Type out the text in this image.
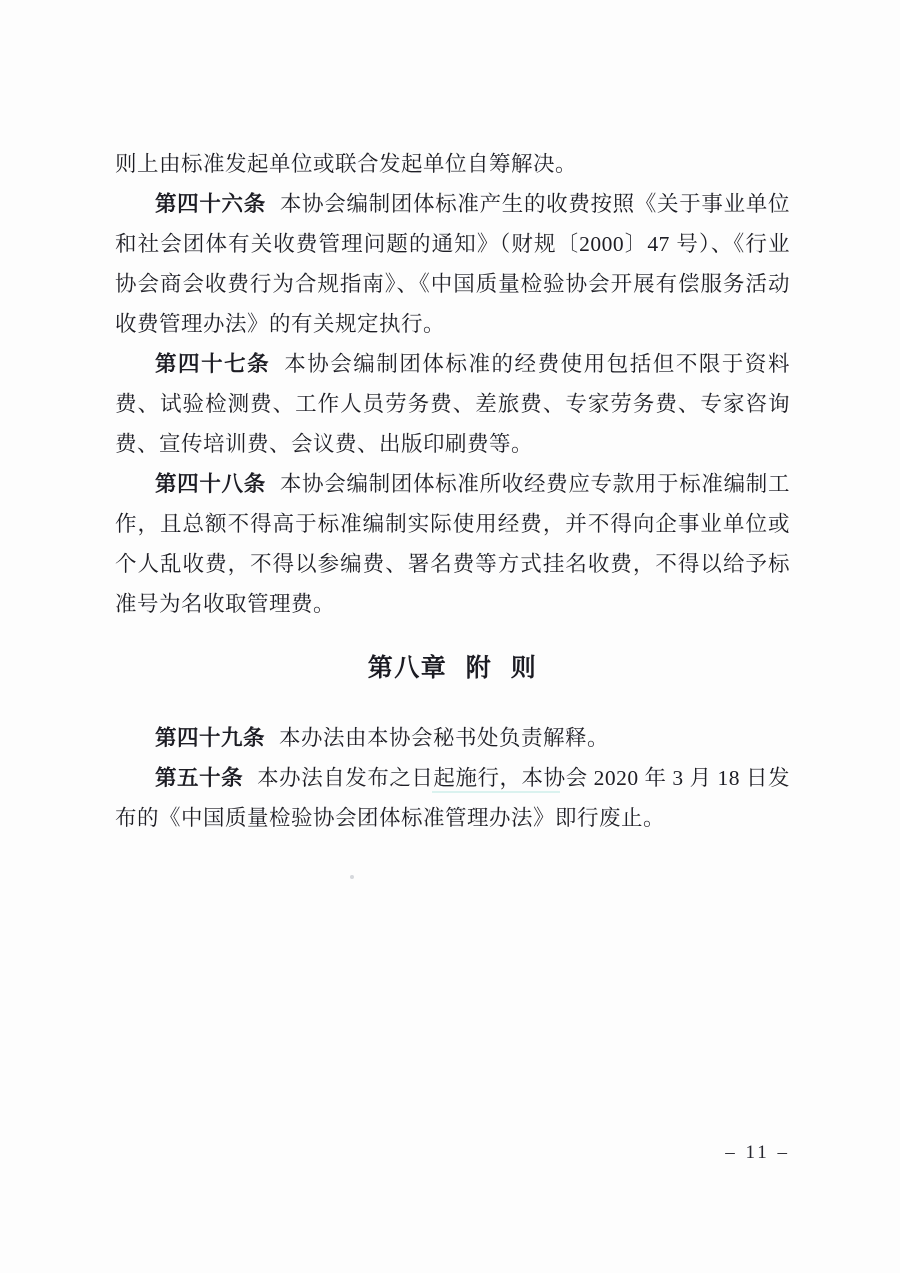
则上由标准发起单位或联合发起单位自筹解决。

第四十六条 本协会编制团体标准产生的收费按照《关于事业单位和社会团体有关收费管理问题的通知》（财规〔2000〕47 号）、《行业协会商会收费行为合规指南》、《中国质量检验协会开展有偿服务活动收费管理办法》的有关规定执行。

第四十七条 本协会编制团体标准的经费使用包括但不限于资料费、试验检测费、工作人员劳务费、差旅费、专家劳务费、专家咨询费、宣传培训费、会议费、出版印刷费等。

第四十八条 本协会编制团体标准所收经费应专款用于标准编制工作，且总额不得高于标准编制实际使用经费，并不得向企事业单位或个人乱收费，不得以参编费、署名费等方式挂名收费，不得以给予标准号为名收取管理费。

第八章 附 则

第四十九条 本办法由本协会秘书处负责解释。

第五十条 本办法自发布之日起施行，本协会 2020 年 3 月 18 日发布的《中国质量检验协会团体标准管理办法》即行废止。

– 11 –
